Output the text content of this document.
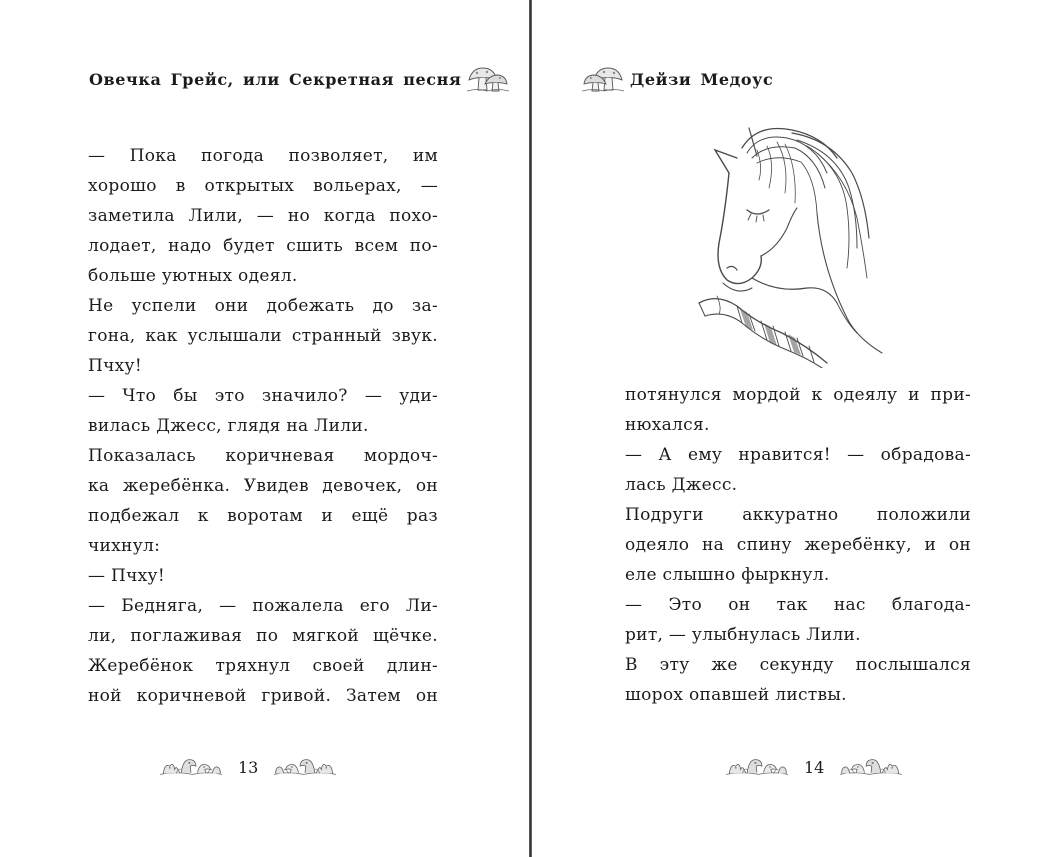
Овечка Грейс, или Секретная песня
— Пока погода позволяет, им
хорошо в открытых вольерах, —
заметила Лили, — но когда похо-
лодает, надо будет сшить всем по-
больше уютных одеял.
Не успели они добежать до за-
гона, как услышали странный звук.
Пчху!
— Что бы это значило? — уди-
вилась Джесс, глядя на Лили.
Показалась коричневая мордоч-
ка жеребёнка. Увидев девочек, он
подбежал к воротам и ещё раз
чихнул:
— Пчху!
— Бедняга, — пожалела его Ли-
ли, поглаживая по мягкой щёчке.
Жеребёнок тряхнул своей длин-
ной коричневой гривой. Затем он
13
Дейзи Медоус
потянулся мордой к одеялу и при-
нюхался.
— А ему нравится! — обрадова-
лась Джесс.
Подруги аккуратно положили
одеяло на спину жеребёнку, и он
еле слышно фыркнул.
— Это он так нас благода-
рит, — улыбнулась Лили.
В эту же секунду послышался
шорох опавшей листвы.
14
